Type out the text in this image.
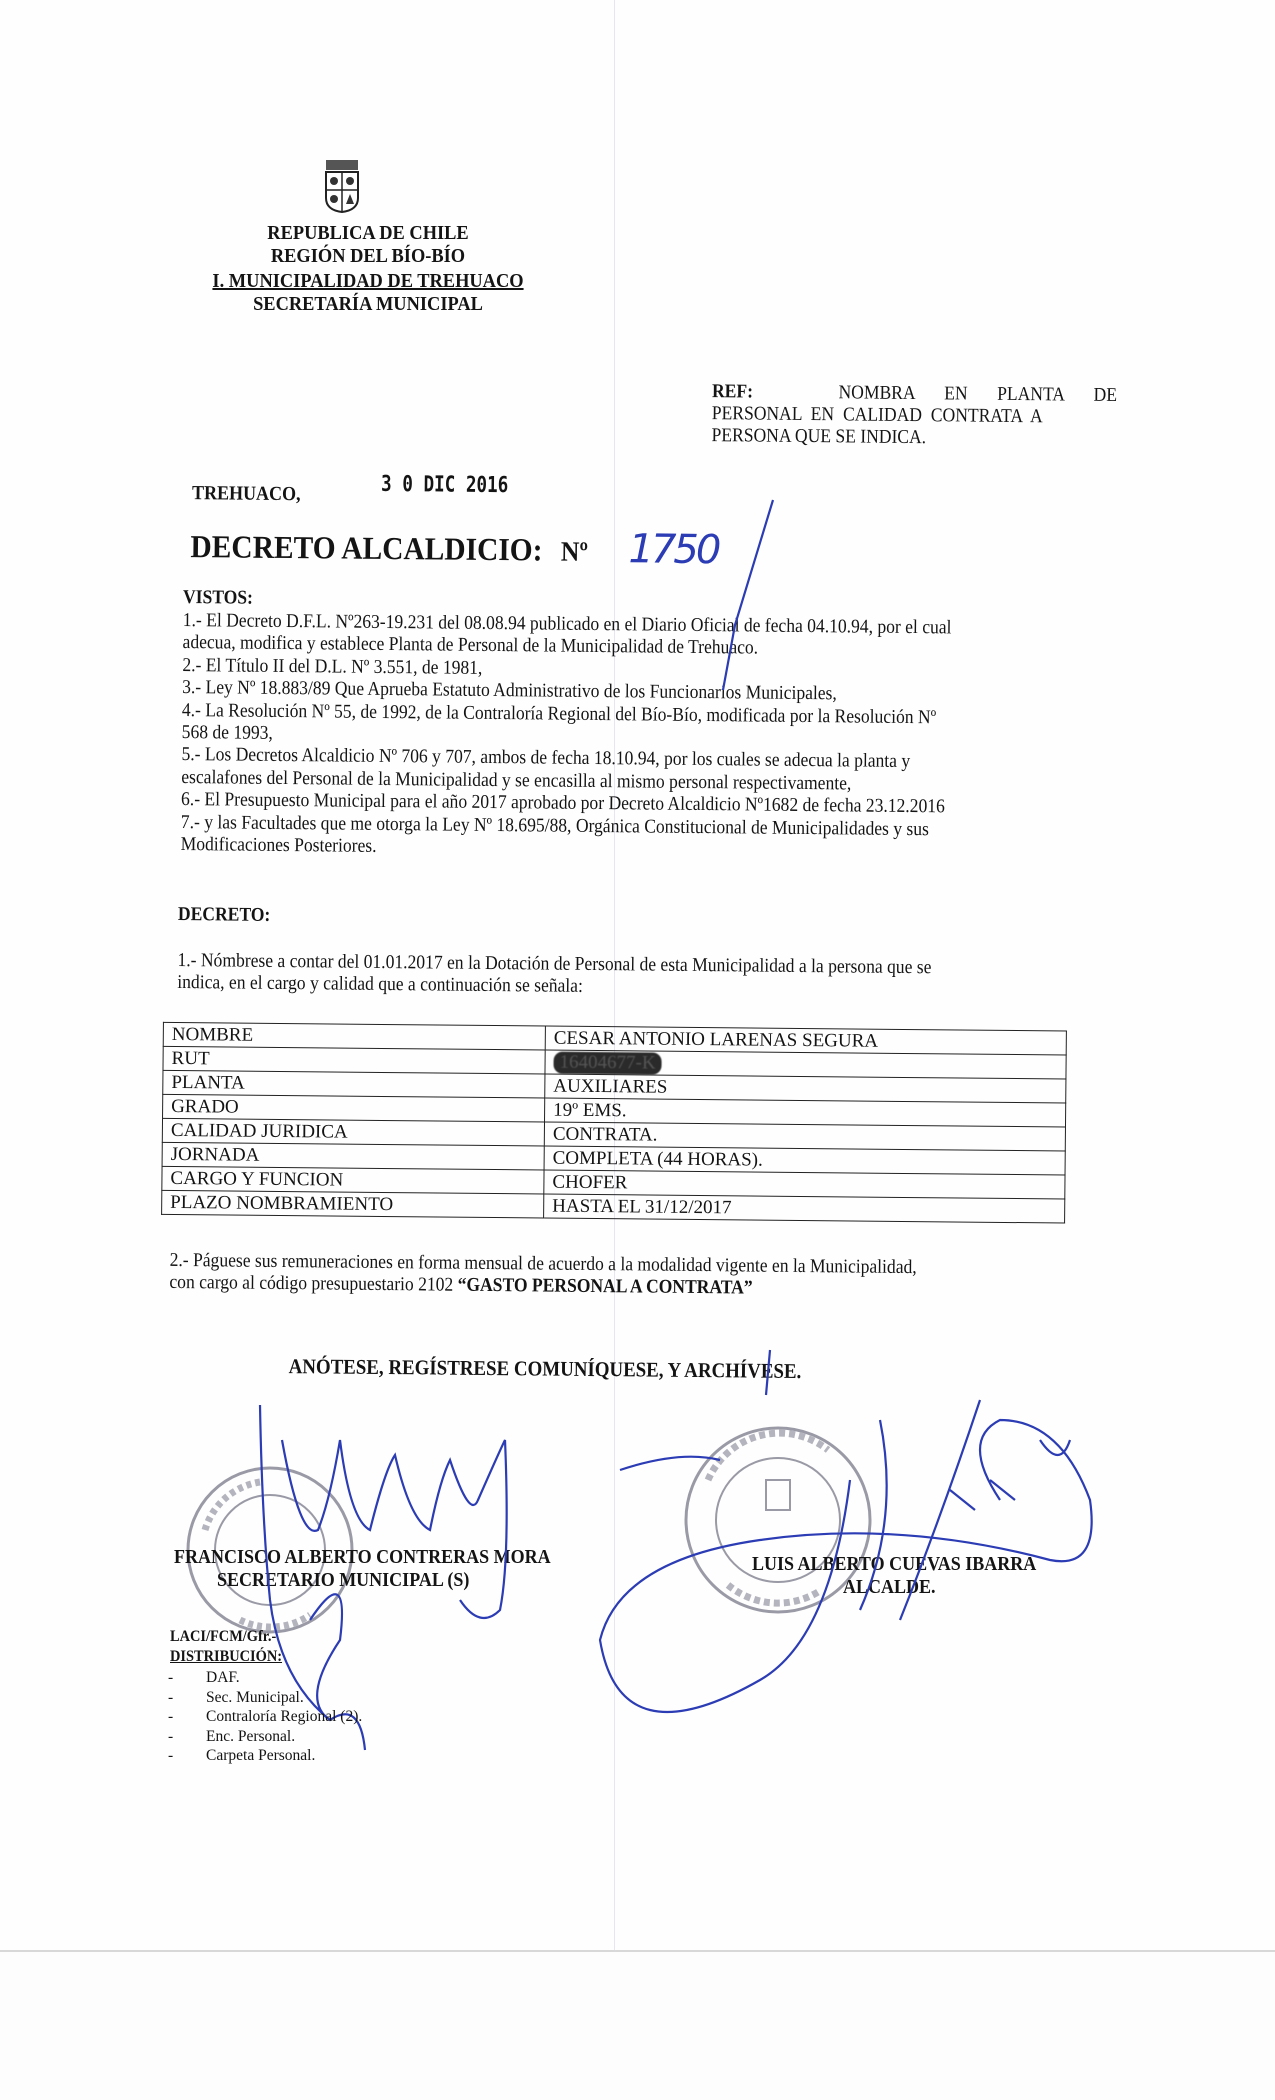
REPUBLICA DE CHILE
REGIÓN DEL BÍO-BÍO
I. MUNICIPALIDAD DE TREHUACO
SECRETARÍA MUNICIPAL
REF:	NOMBRA EN PLANTA DE
PERSONAL EN CALIDAD CONTRATA A
PERSONA QUE SE INDICA.
TREHUACO,	3 0 DIC 2016
DECRETO ALCALDICIO: Nº 1750
VISTOS:
1.- El Decreto D.F.L. Nº263-19.231 del 08.08.94 publicado en el Diario Oficial de fecha 04.10.94, por el cual
adecua, modifica y establece Planta de Personal de la Municipalidad de Trehuaco.
2.- El Título II del D.L. Nº 3.551, de 1981,
3.- Ley Nº 18.883/89 Que Aprueba Estatuto Administrativo de los Funcionarios Municipales,
4.- La Resolución Nº 55, de 1992, de la Contraloría Regional del Bío-Bío, modificada por la Resolución Nº
568 de 1993,
5.- Los Decretos Alcaldicio Nº 706 y 707, ambos de fecha 18.10.94, por los cuales se adecua la planta y
escalafones del Personal de la Municipalidad y se encasilla al mismo personal respectivamente,
6.- El Presupuesto Municipal para el año 2017 aprobado por Decreto Alcaldicio Nº1682 de fecha 23.12.2016
7.- y las Facultades que me otorga la Ley Nº 18.695/88, Orgánica Constitucional de Municipalidades y sus
Modificaciones Posteriores.
DECRETO:
1.- Nómbrese a contar del 01.01.2017 en la Dotación de Personal de esta Municipalidad a la persona que se
indica, en el cargo y calidad que a continuación se señala:
NOMBRE	CESAR ANTONIO LARENAS SEGURA
RUT	16404677-K
PLANTA	AUXILIARES
GRADO	19º EMS.
CALIDAD JURIDICA	CONTRATA.
JORNADA	COMPLETA (44 HORAS).
CARGO Y FUNCION	CHOFER
PLAZO NOMBRAMIENTO	HASTA EL 31/12/2017
2.- Páguese sus remuneraciones en forma mensual de acuerdo a la modalidad vigente en la Municipalidad,
con cargo al código presupuestario 2102 “GASTO PERSONAL A CONTRATA”
ANÓTESE, REGÍSTRESE COMUNÍQUESE, Y ARCHÍVESE.
FRANCISCO ALBERTO CONTRERAS MORA
SECRETARIO MUNICIPAL (S)
LUIS ALBERTO CUEVAS IBARRA
ALCALDE.
LACI/FCM/Gfr.-
DISTRIBUCIÓN:
- DAF.
- Sec. Municipal.
- Contraloría Regional (2).
- Enc. Personal.
- Carpeta Personal.
